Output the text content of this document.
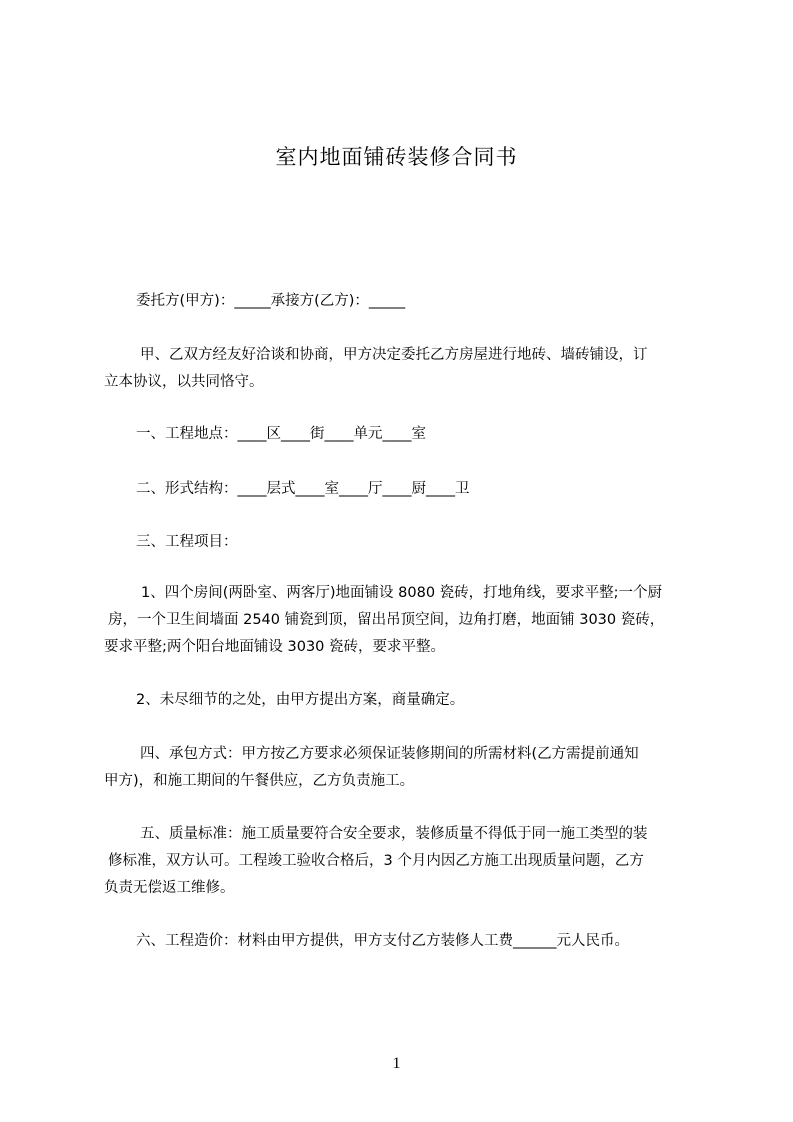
室内地面铺砖装修合同书
委托方(甲方)：_____承接方(乙方)：_____
甲、乙双方经友好洽谈和协商，甲方决定委托乙方房屋进行地砖、墙砖铺设，订
立本协议，以共同恪守。
一、工程地点：____区____街____单元____室
二、形式结构：____层式____室____厅____厨____卫
三、工程项目：
1、四个房间(两卧室、两客厅)地面铺设 8080 瓷砖，打地角线，要求平整;一个厨
房，一个卫生间墙面 2540 铺瓷到顶，留出吊顶空间，边角打磨，地面铺 3030 瓷砖，
要求平整;两个阳台地面铺设 3030 瓷砖，要求平整。
2、未尽细节的之处，由甲方提出方案，商量确定。
四、承包方式：甲方按乙方要求必须保证装修期间的所需材料(乙方需提前通知
甲方)，和施工期间的午餐供应，乙方负责施工。
五、质量标准：施工质量要符合安全要求，装修质量不得低于同一施工类型的装
修标准，双方认可。工程竣工验收合格后，3 个月内因乙方施工出现质量问题，乙方
负责无偿返工维修。
六、工程造价：材料由甲方提供，甲方支付乙方装修人工费______元人民币。
1
